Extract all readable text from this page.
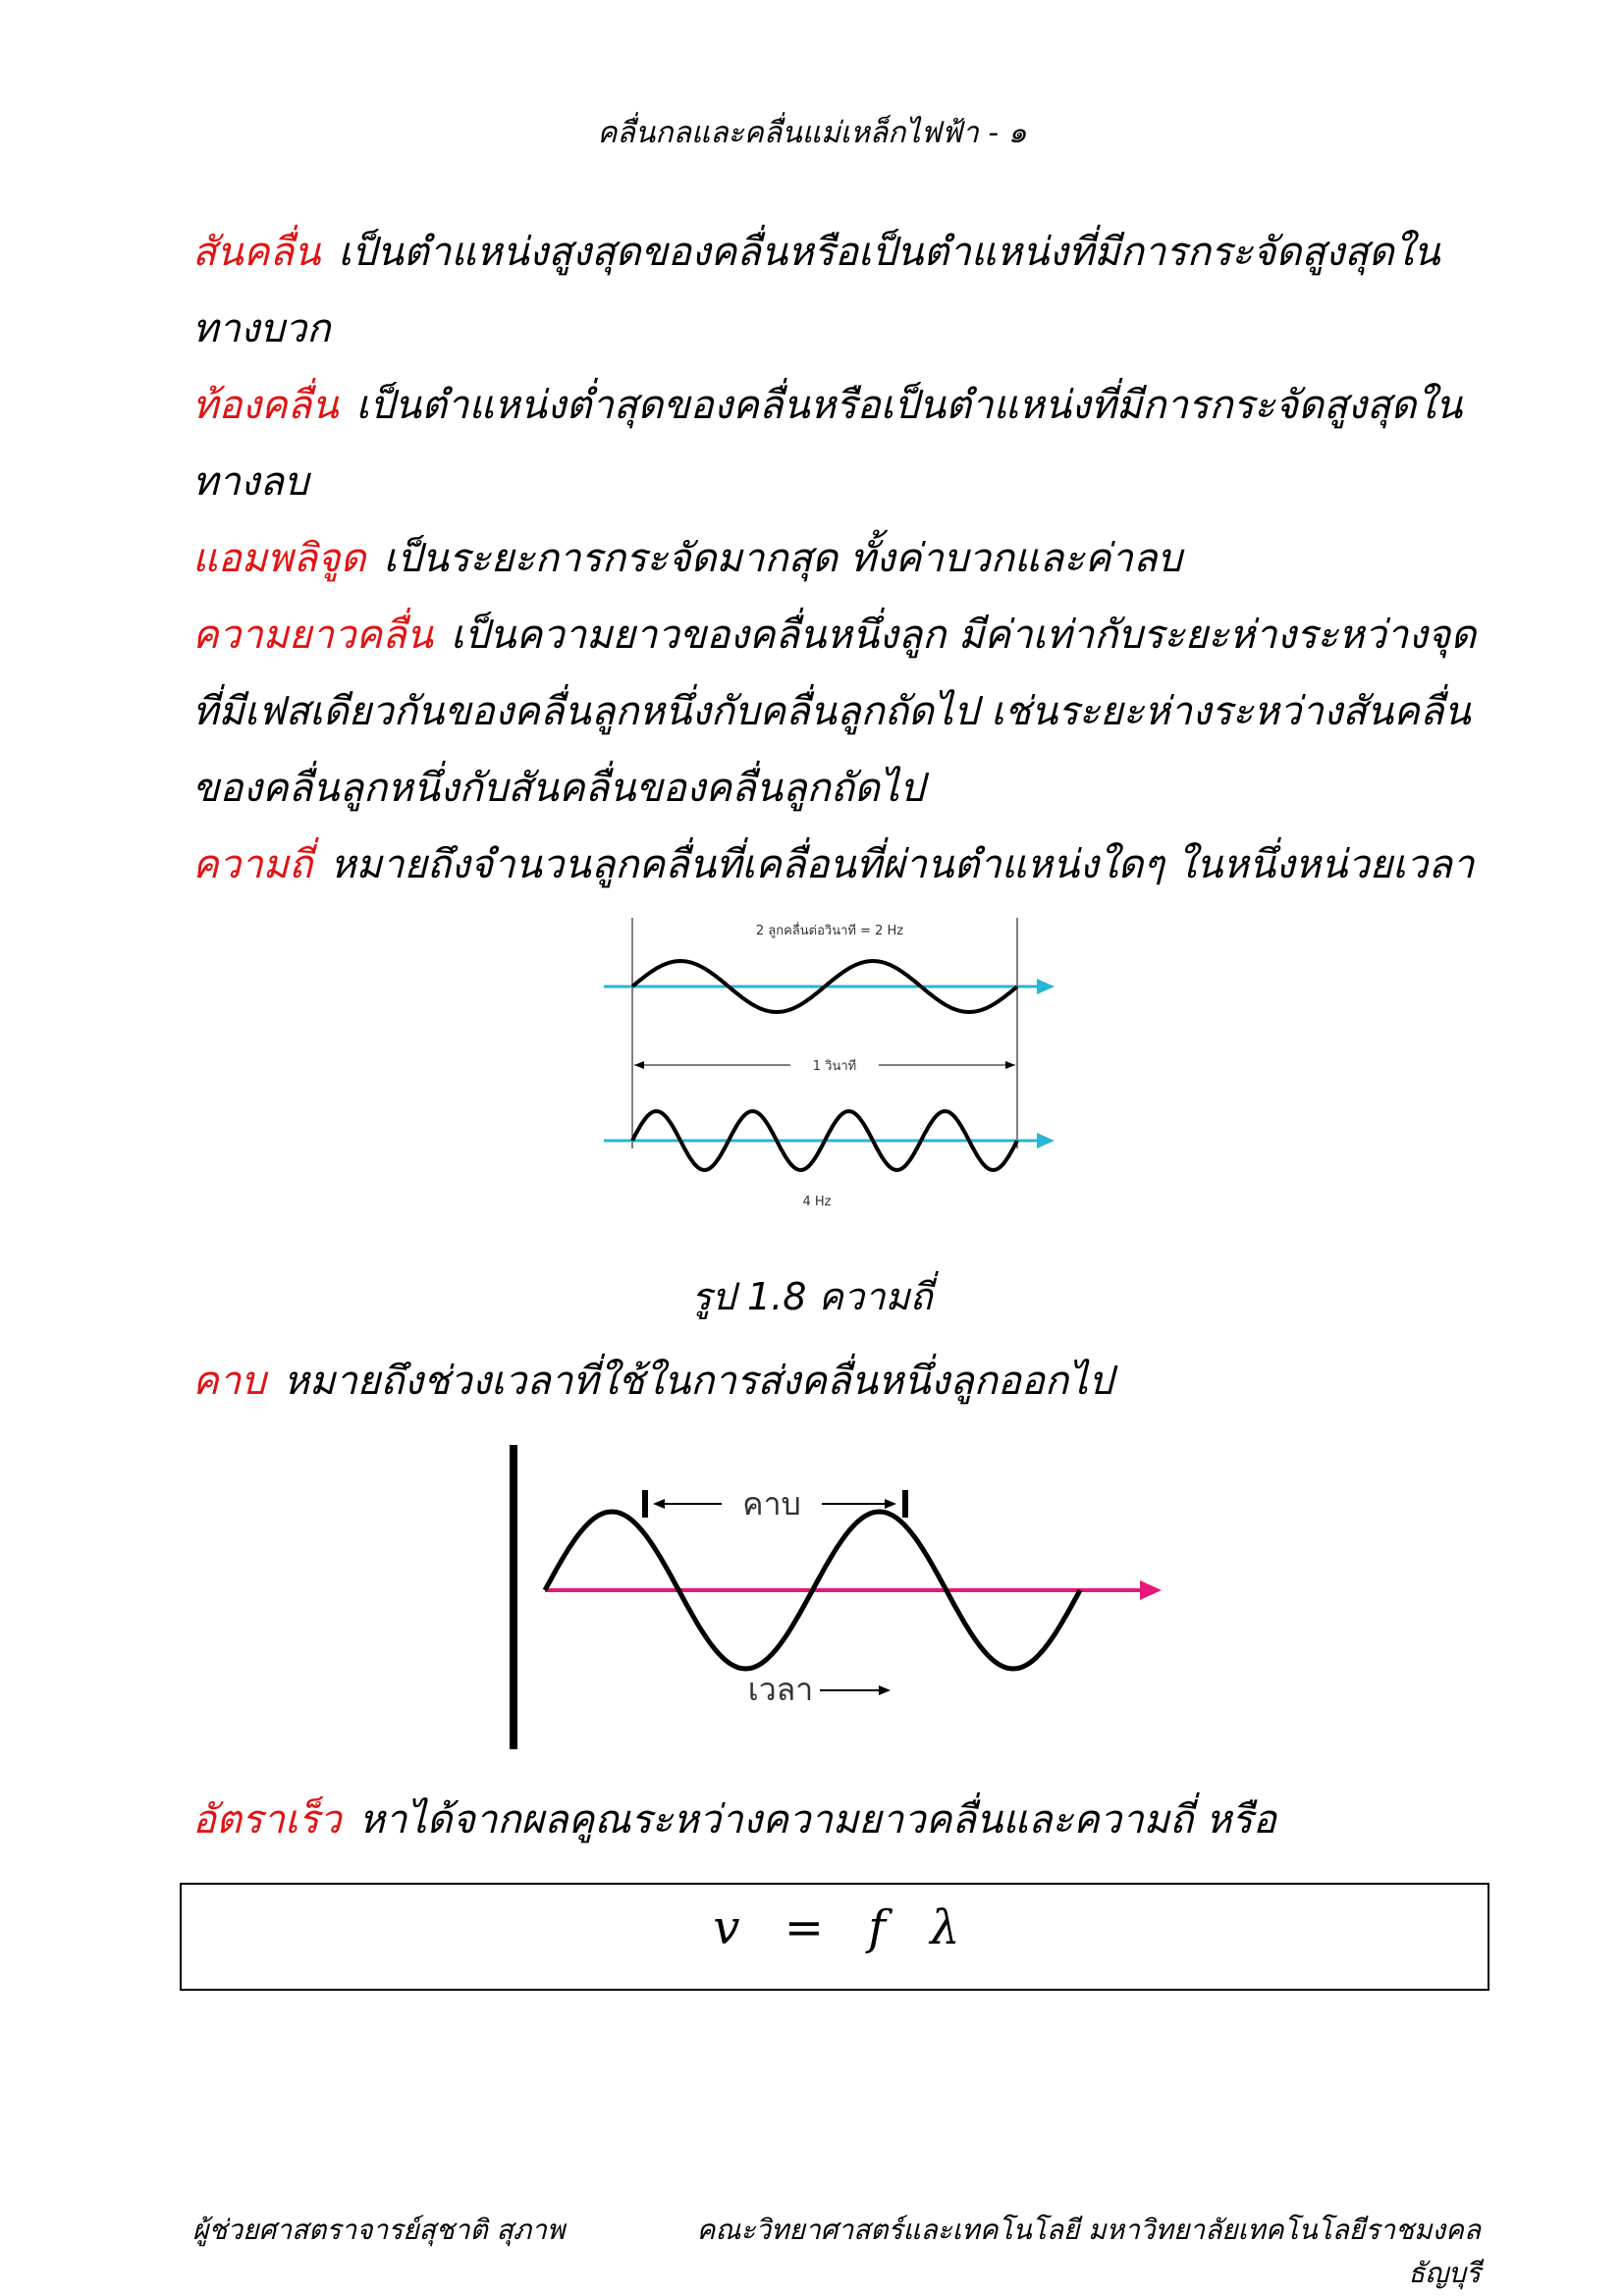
คลื่นกลและคลื่นแม่เหล็กไฟฟ้า - ๑
สันคลื่น เป็นตำแหน่งสูงสุดของคลื่นหรือเป็นตำแหน่งที่มีการกระจัดสูงสุดในทางบวก
ท้องคลื่น เป็นตำแหน่งต่ำสุดของคลื่นหรือเป็นตำแหน่งที่มีการกระจัดสูงสุดในทางลบ
แอมพลิจูด เป็นระยะการกระจัดมากสุด ทั้งค่าบวกและค่าลบ
ความยาวคลื่น เป็นความยาวของคลื่นหนึ่งลูก มีค่าเท่ากับระยะห่างระหว่างจุดที่มีเฟสเดียวกันของคลื่นลูกหนึ่งกับคลื่นลูกถัดไป เช่นระยะห่างระหว่างสันคลื่นของคลื่นลูกหนึ่งกับสันคลื่นของคลื่นลูกถัดไป
ความถี่ หมายถึงจำนวนลูกคลื่นที่เคลื่อนที่ผ่านตำแหน่งใดๆ ในหนึ่งหน่วยเวลา
2 ลูกคลื่นต่อวินาที = 2 Hz
1 วินาที
4 Hz
รูป 1.8 ความถี่
คาบ หมายถึงช่วงเวลาที่ใช้ในการส่งคลื่นหนึ่งลูกออกไป
คาบ
เวลา
อัตราเร็ว หาได้จากผลคูณระหว่างความยาวคลื่นและความถี่ หรือ
v = f λ
ผู้ช่วยศาสตราจารย์สุชาติ สุภาพ	คณะวิทยาศาสตร์และเทคโนโลยี มหาวิทยาลัยเทคโนโลยีราชมงคลธัญบุรี
